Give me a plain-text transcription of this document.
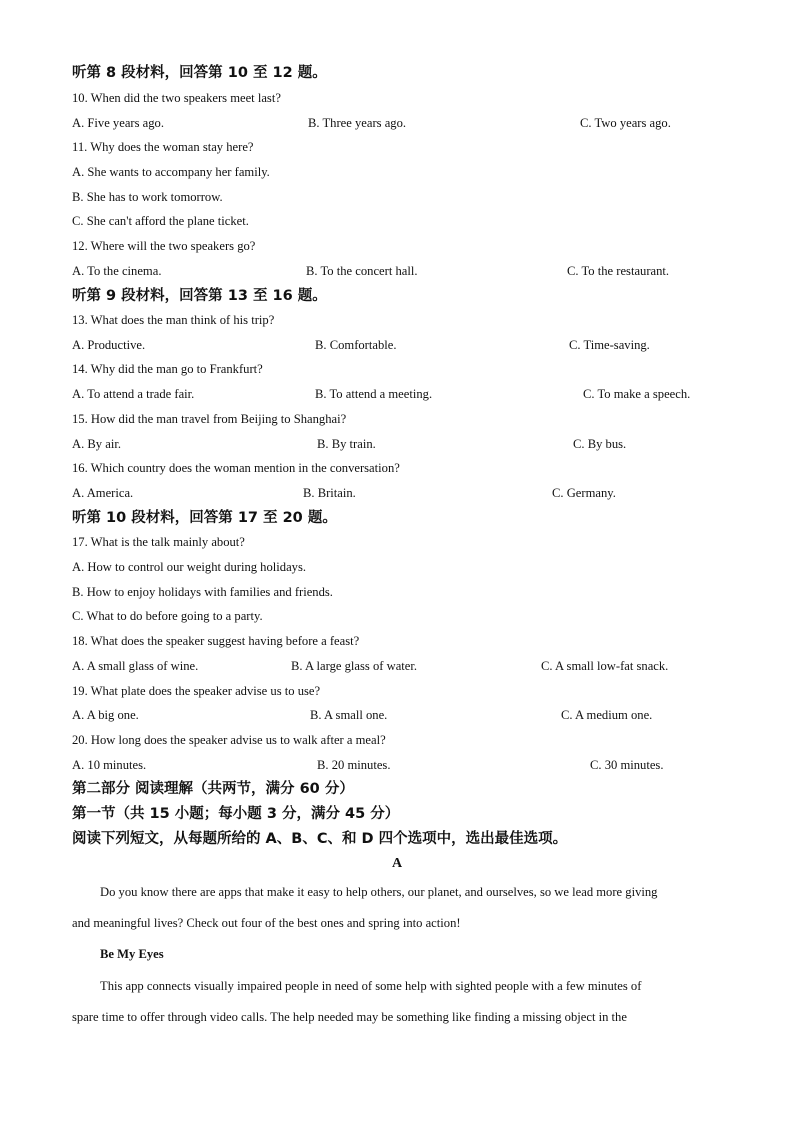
听第 8 段材料，回答第 10 至 12 题。
10. When did the two speakers meet last?
A. Five years ago.	B. Three years ago.	C. Two years ago.
11. Why does the woman stay here?
A. She wants to accompany her family.
B. She has to work tomorrow.
C. She can't afford the plane ticket.
12. Where will the two speakers go?
A. To the cinema.	B. To the concert hall.	C. To the restaurant.
听第 9 段材料，回答第 13 至 16 题。
13. What does the man think of his trip?
A. Productive.	B. Comfortable.	C. Time-saving.
14. Why did the man go to Frankfurt?
A. To attend a trade fair.	B. To attend a meeting.	C. To make a speech.
15. How did the man travel from Beijing to Shanghai?
A. By air.	B. By train.	C. By bus.
16. Which country does the woman mention in the conversation?
A. America.	B. Britain.	C. Germany.
听第 10 段材料，回答第 17 至 20 题。
17. What is the talk mainly about?
A. How to control our weight during holidays.
B. How to enjoy holidays with families and friends.
C. What to do before going to a party.
18. What does the speaker suggest having before a feast?
A. A small glass of wine.	B. A large glass of water.	C. A small low-fat snack.
19. What plate does the speaker advise us to use?
A. A big one.	B. A small one.	C. A medium one.
20. How long does the speaker advise us to walk after a meal?
A. 10 minutes.	B. 20 minutes.	C. 30 minutes.
第二部分 阅读理解（共两节，满分 60 分）
第一节（共 15 小题；每小题 3 分，满分 45 分）
阅读下列短文，从每题所给的 A、B、C、和 D 四个选项中，选出最佳选项。
A
Do you know there are apps that make it easy to help others, our planet, and ourselves, so we lead more giving
and meaningful lives? Check out four of the best ones and spring into action!
Be My Eyes
This app connects visually impaired people in need of some help with sighted people with a few minutes of
spare time to offer through video calls. The help needed may be something like finding a missing object in the
